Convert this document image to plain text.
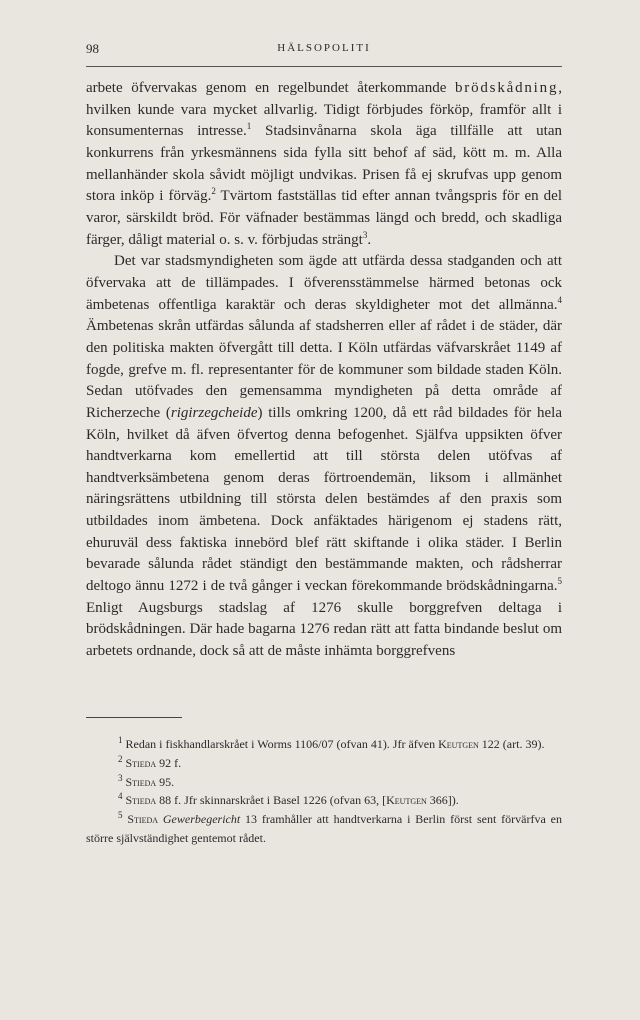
98	HÄLSOPOLITI

arbete öfvervakas genom en regelbundet återkommande brödskådning, hvilken kunde vara mycket allvarlig. Tidigt förbjudes förköp, framför allt i konsumenternas intresse.$^1$ Stadsinvånarna skola äga tillfälle att utan konkurrens från yrkesmännens sida fylla sitt behof af säd, kött m. m. Alla mellanhänder skola såvidt möjligt undvikas. Prisen få ej skrufvas upp genom stora inköp i förväg.$^2$ Tvärtom fastställas tid efter annan tvångspris för en del varor, särskildt bröd. För väfnader bestämmas längd och bredd, och skadliga färger, dåligt material o. s. v. förbjudas strängt$^3$.

Det var stadsmyndigheten som ägde att utfärda dessa stadganden och att öfvervaka att de tillämpades. I öfverensstämmelse härmed betonas ock ämbetenas offentliga karaktär och deras skyldigheter mot det allmänna.$^4$ Ämbetenas skrån utfärdas sålunda af stadsherren eller af rådet i de städer, där den politiska makten öfvergått till detta. I Köln utfärdas väfvarskrået 1149 af fogde, grefve m. fl. representanter för de kommuner som bildade staden Köln. Sedan utöfvades den gemensamma myndigheten på detta område af Richerzeche (rigirzegcheide) tills omkring 1200, då ett råd bildades för hela Köln, hvilket då äfven öfvertog denna befogenhet. Själfva uppsikten öfver handtverkarna kom emellertid att till största delen utöfvas af handtverksämbetena genom deras förtroendemän, liksom i allmänhet näringsrättens utbildning till största delen bestämdes af den praxis som utbildades inom ämbetena. Dock anfäktades härigenom ej stadens rätt, ehuruväl dess faktiska innebörd blef rätt skiftande i olika städer. I Berlin bevarade sålunda rådet ständigt den bestämmande makten, och rådsherrar deltogo ännu 1272 i de två gånger i veckan förekommande brödskådningarna.$^5$ Enligt Augsburgs stadslag af 1276 skulle borggrefven deltaga i brödskådningen. Där hade bagarna 1276 redan rätt att fatta bindande beslut om arbetets ordnande, dock så att de måste inhämta borggrefvens

$^1$ Redan i fiskhandlarskrået i Worms 1106/07 (ofvan 41). Jfr äfven Keutgen 122 (art. 39).

$^2$ Stieda 92 f.

$^3$ Stieda 95.

$^4$ Stieda 88 f. Jfr skinnarskrået i Basel 1226 (ofvan 63, [Keutgen 366]).

$^5$ Stieda Gewerbegericht 13 framhåller att handtverkarna i Berlin först sent förvärfva en större självständighet gentemot rådet.
